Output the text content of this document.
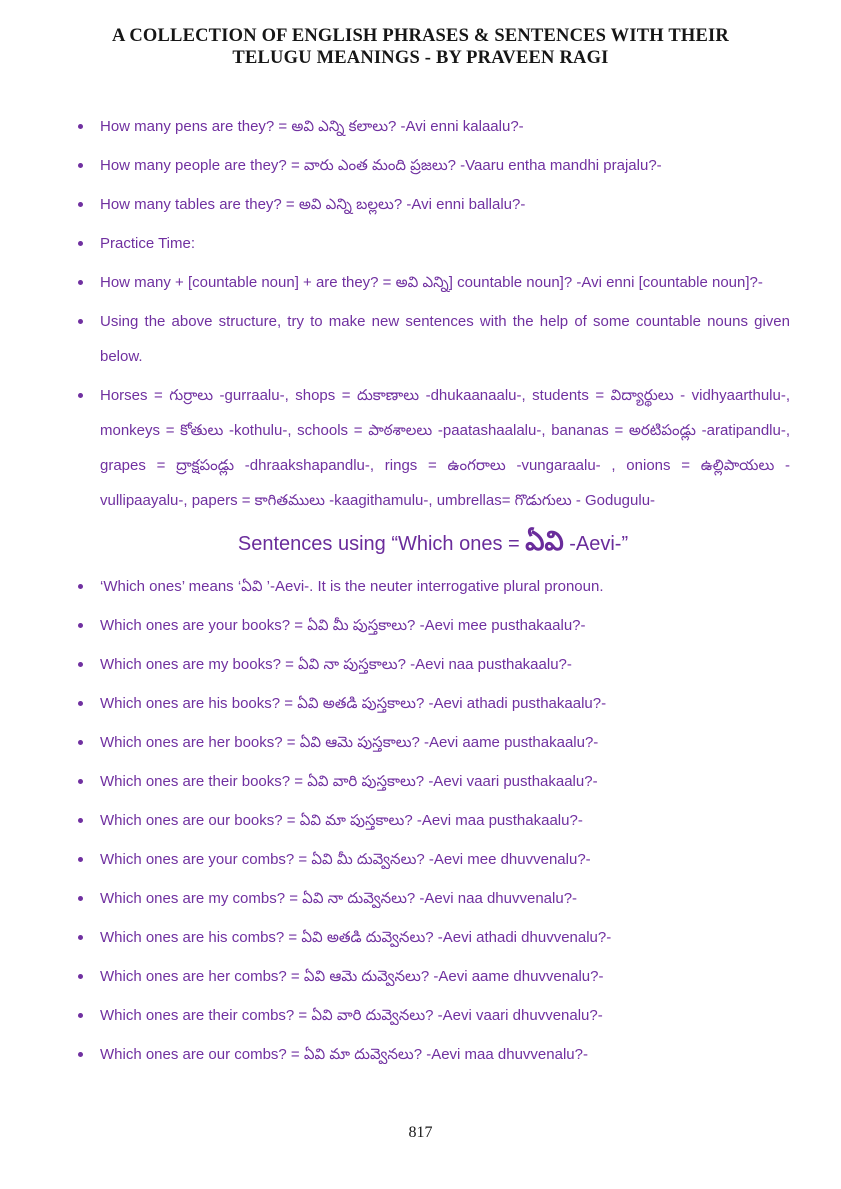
A COLLECTION OF ENGLISH PHRASES & SENTENCES WITH THEIR
TELUGU MEANINGS - BY PRAVEEN RAGI
How many pens are they? = అవి ఎన్ని కలాలు? -Avi enni kalaalu?-
How many people are they? = వారు ఎంత మంది ప్రజలు? -Vaaru entha mandhi prajalu?-
How many tables are they? = అవి ఎన్ని బల్లలు? -Avi enni ballalu?-
Practice Time:
How many + [countable noun] + are they? = అవి ఎన్ని] countable noun]? -Avi enni [countable noun]?-
Using the above structure, try to make new sentences with the help of some countable nouns given below.
Horses = గుర్రాలు -gurraalu-, shops = దుకాణాలు -dhukaanaalu-, students = విద్యార్థులు - vidhyaarthulu-, monkeys = కోతులు -kothulu-, schools = పాఠశాలలు -paatashaalalu-, bananas = అరటిపండ్లు -aratipandlu-, grapes = ద్రాక్షపండ్లు -dhraakshapandlu-, rings = ఉంగరాలు -vungaraalu- , onions = ఉల్లిపాయలు -vullipaayalu-, papers = కాగితములు -kaagithamulu-, umbrellas= గొడుగులు - Godugulu-
Sentences using “Which ones = ఏవి -Aevi-”
‘Which ones’ means ‘ఏవి ’-Aevi-. It is the neuter interrogative plural pronoun.
Which ones are your books? = ఏవి మీ పుస్తకాలు? -Aevi mee pusthakaalu?-
Which ones are my books? = ఏవి నా పుస్తకాలు? -Aevi naa pusthakaalu?-
Which ones are his books? = ఏవి అతడి పుస్తకాలు? -Aevi athadi pusthakaalu?-
Which ones are her books? = ఏవి ఆమె పుస్తకాలు? -Aevi aame pusthakaalu?-
Which ones are their books? = ఏవి వారి పుస్తకాలు? -Aevi vaari pusthakaalu?-
Which ones are our books? = ఏవి మా పుస్తకాలు? -Aevi maa pusthakaalu?-
Which ones are your combs? = ఏవి మీ దువ్వెనలు? -Aevi mee dhuvvenalu?-
Which ones are my combs? = ఏవి నా దువ్వెనలు? -Aevi naa dhuvvenalu?-
Which ones are his combs? = ఏవి అతడి దువ్వెనలు? -Aevi athadi dhuvvenalu?-
Which ones are her combs? = ఏవి ఆమె దువ్వెనలు? -Aevi aame dhuvvenalu?-
Which ones are their combs? = ఏవి వారి దువ్వెనలు? -Aevi vaari dhuvvenalu?-
Which ones are our combs? = ఏవి మా దువ్వెనలు? -Aevi maa dhuvvenalu?-
817
